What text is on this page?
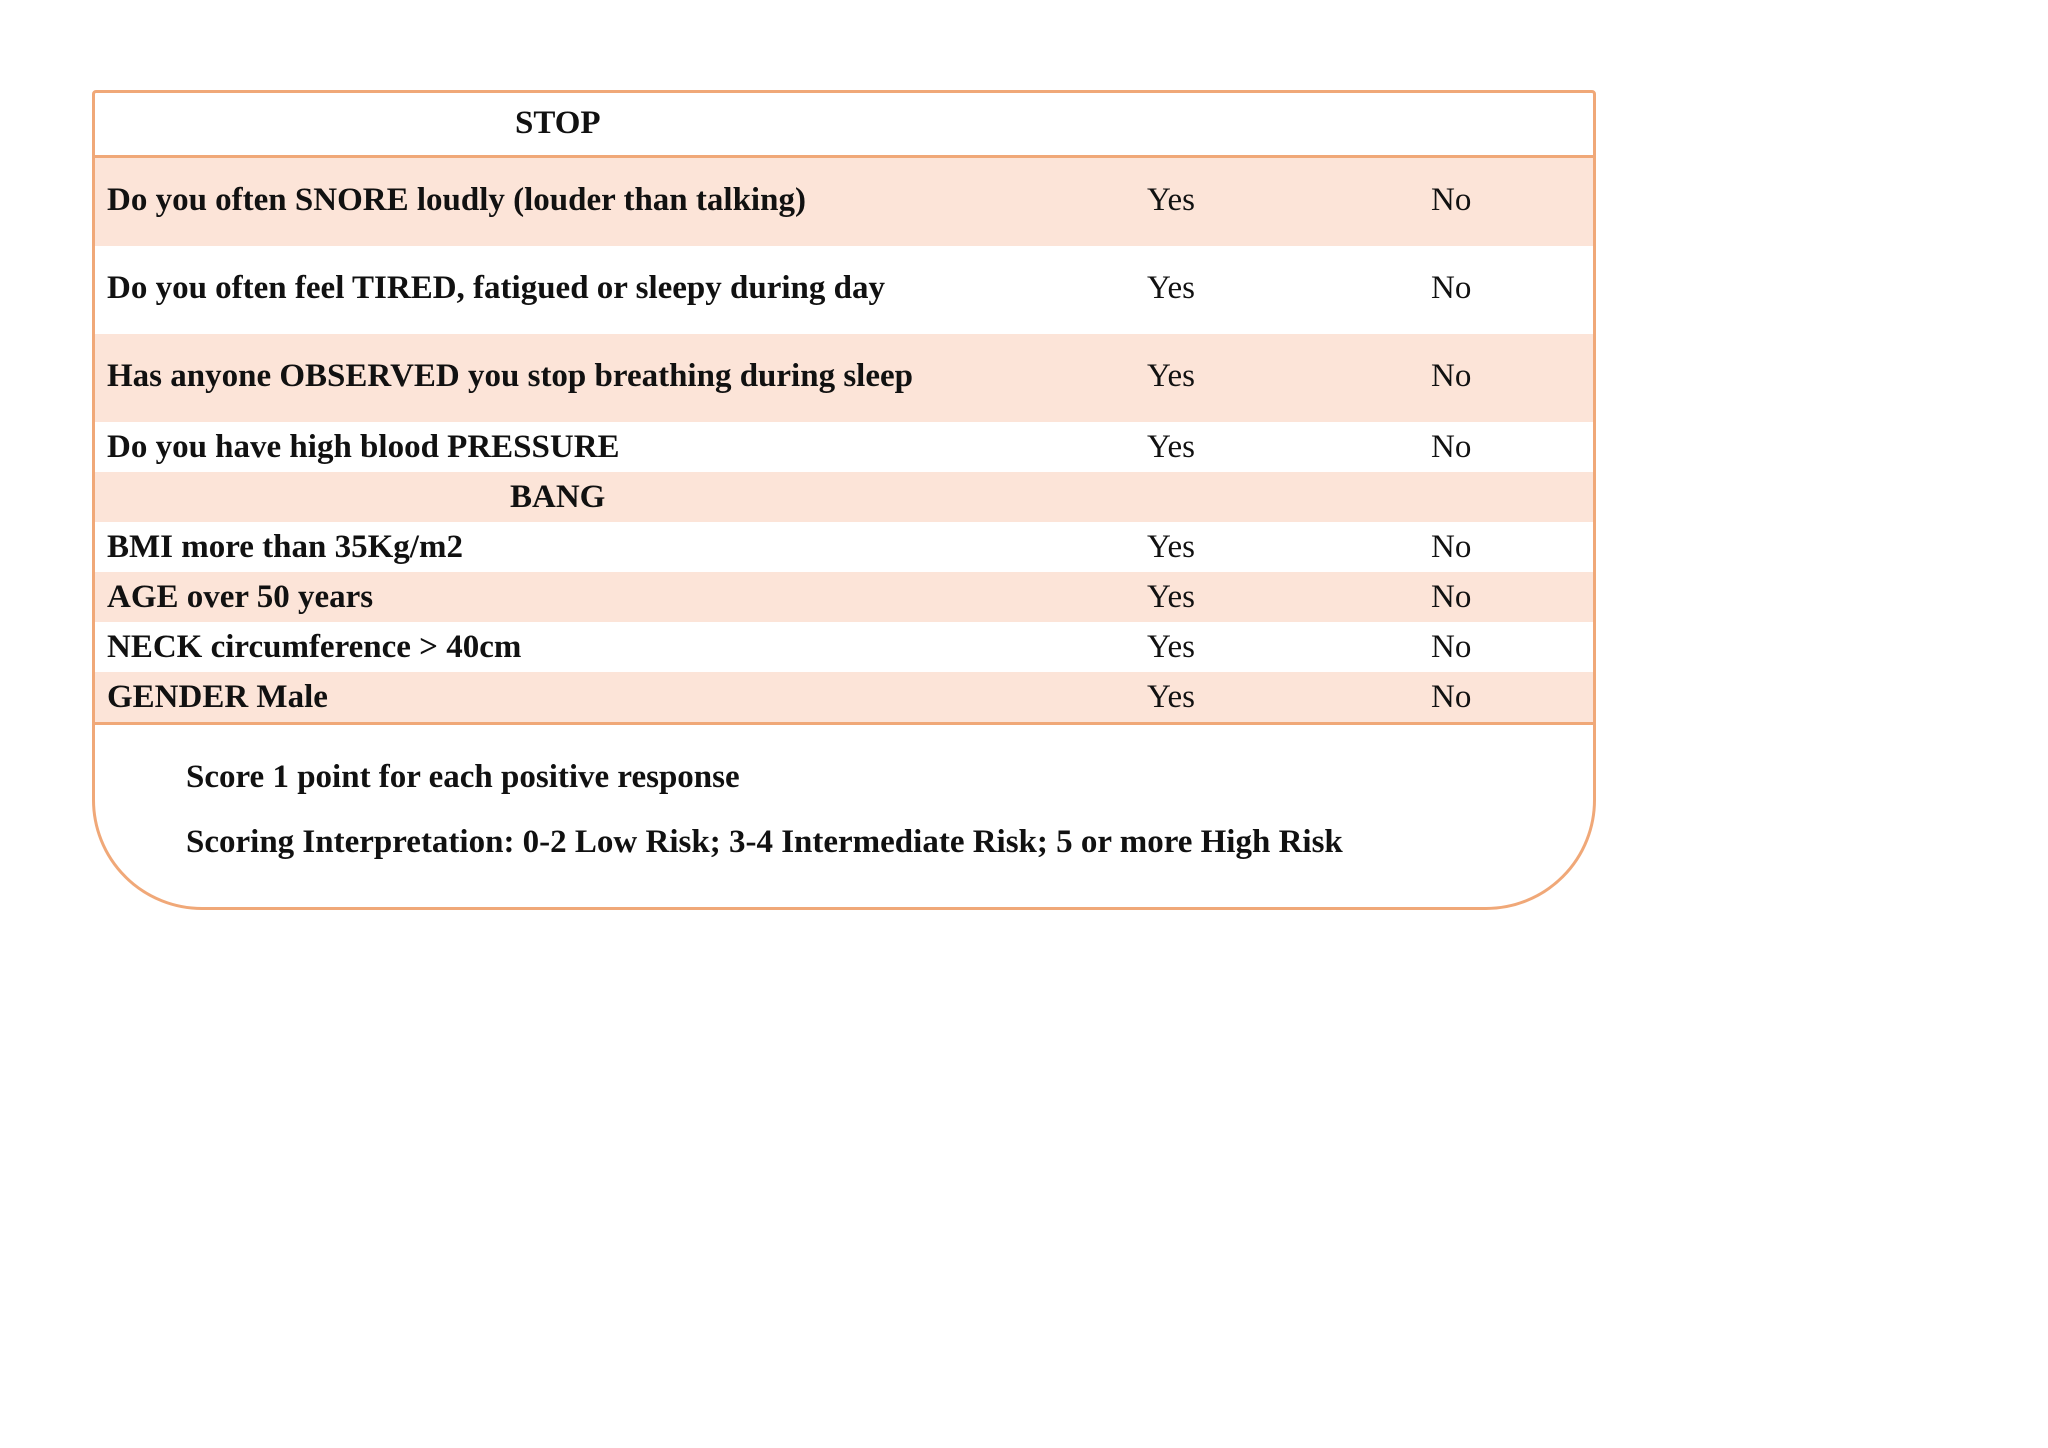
STOP
Do you often SNORE loudly (louder than talking)	Yes	No
Do you often feel TIRED, fatigued or sleepy during day	Yes	No
Has anyone OBSERVED you stop breathing during sleep	Yes	No
Do you have high blood PRESSURE	Yes	No
BANG
BMI more than 35Kg/m2	Yes	No
AGE over 50 years	Yes	No
NECK circumference > 40cm	Yes	No
GENDER Male	Yes	No
Score 1 point for each positive response
Scoring Interpretation: 0-2 Low Risk; 3-4 Intermediate Risk; 5 or more High Risk
